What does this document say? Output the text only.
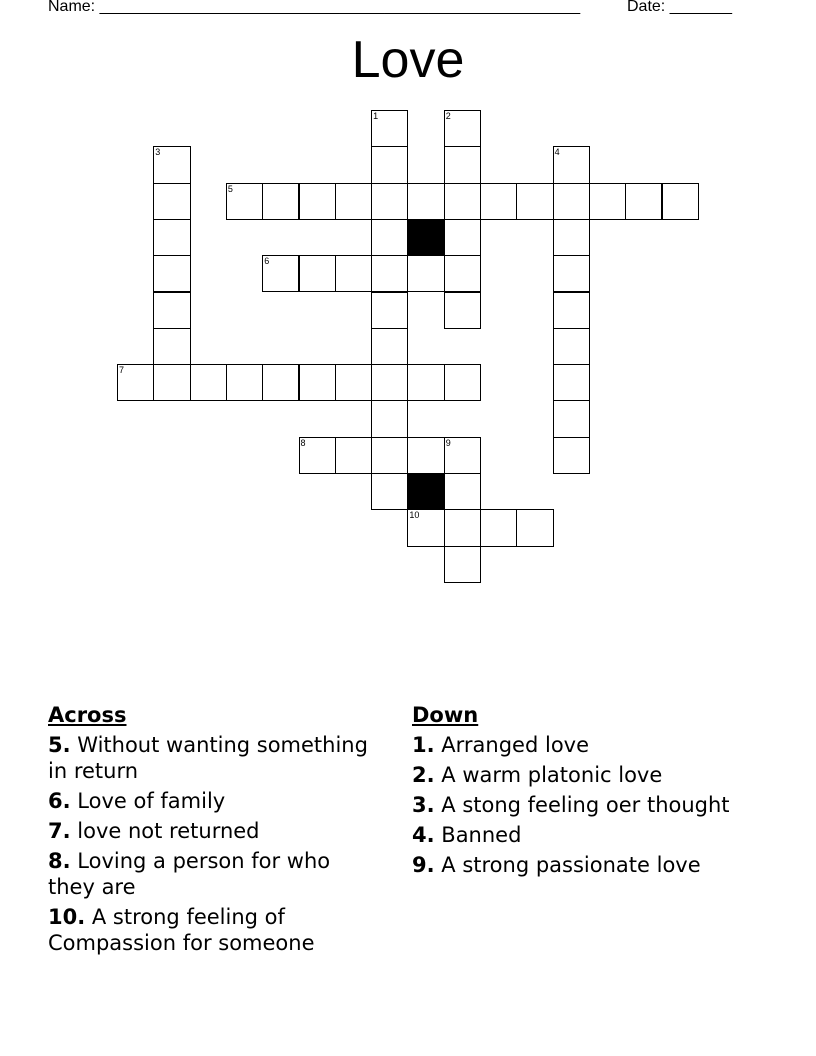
Name: ______________________________________________________	Date: _______
Love
1	2
3	4
5
6
7
8	9
10
Across
5. Without wanting something in return
6. Love of family
7. love not returned
8. Loving a person for who they are
10. A strong feeling of Compassion for someone
Down
1. Arranged love
2. A warm platonic love
3. A stong feeling oer thought
4. Banned
9. A strong passionate love
